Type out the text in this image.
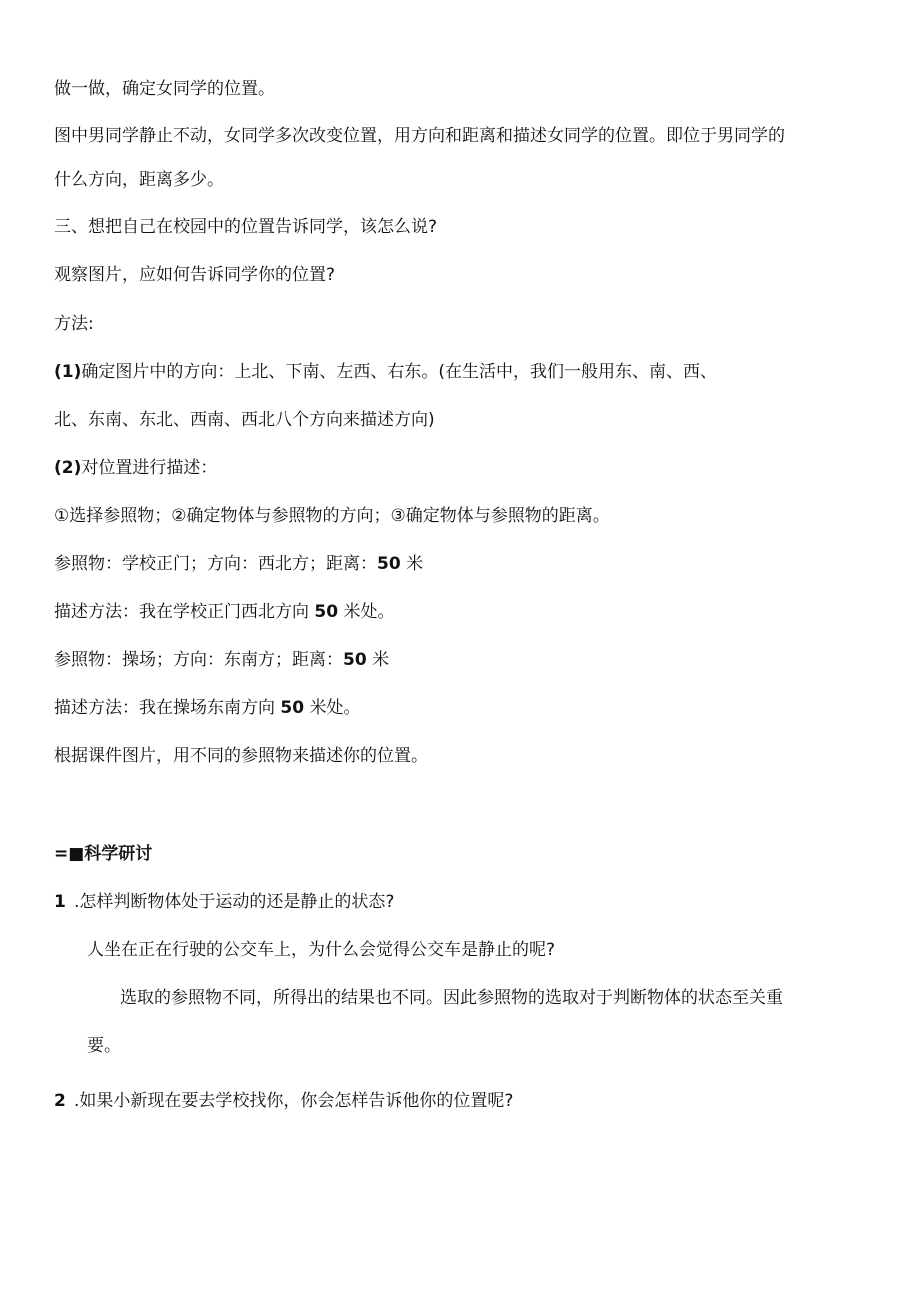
做一做，确定女同学的位置。

图中男同学静止不动，女同学多次改变位置，用方向和距离和描述女同学的位置。即位于男同学的

什么方向，距离多少。

三、想把自己在校园中的位置告诉同学，该怎么说?

观察图片，应如何告诉同学你的位置?

方法:

(1)确定图片中的方向：上北、下南、左西、右东。(在生活中，我们一般用东、南、西、

北、东南、东北、西南、西北八个方向来描述方向)

(2)对位置进行描述：

①选择参照物；②确定物体与参照物的方向；③确定物体与参照物的距离。

参照物：学校正门；方向：西北方；距离：50 米

描述方法：我在学校正门西北方向 50 米处。

参照物：操场；方向：东南方；距离：50 米

描述方法：我在操场东南方向 50 米处。

根据课件图片，用不同的参照物来描述你的位置。

=■科学研讨

1 .怎样判断物体处于运动的还是静止的状态?

人坐在正在行驶的公交车上，为什么会觉得公交车是静止的呢?

选取的参照物不同，所得出的结果也不同。因此参照物的选取对于判断物体的状态至关重

要。

2 .如果小新现在要去学校找你，你会怎样告诉他你的位置呢?
